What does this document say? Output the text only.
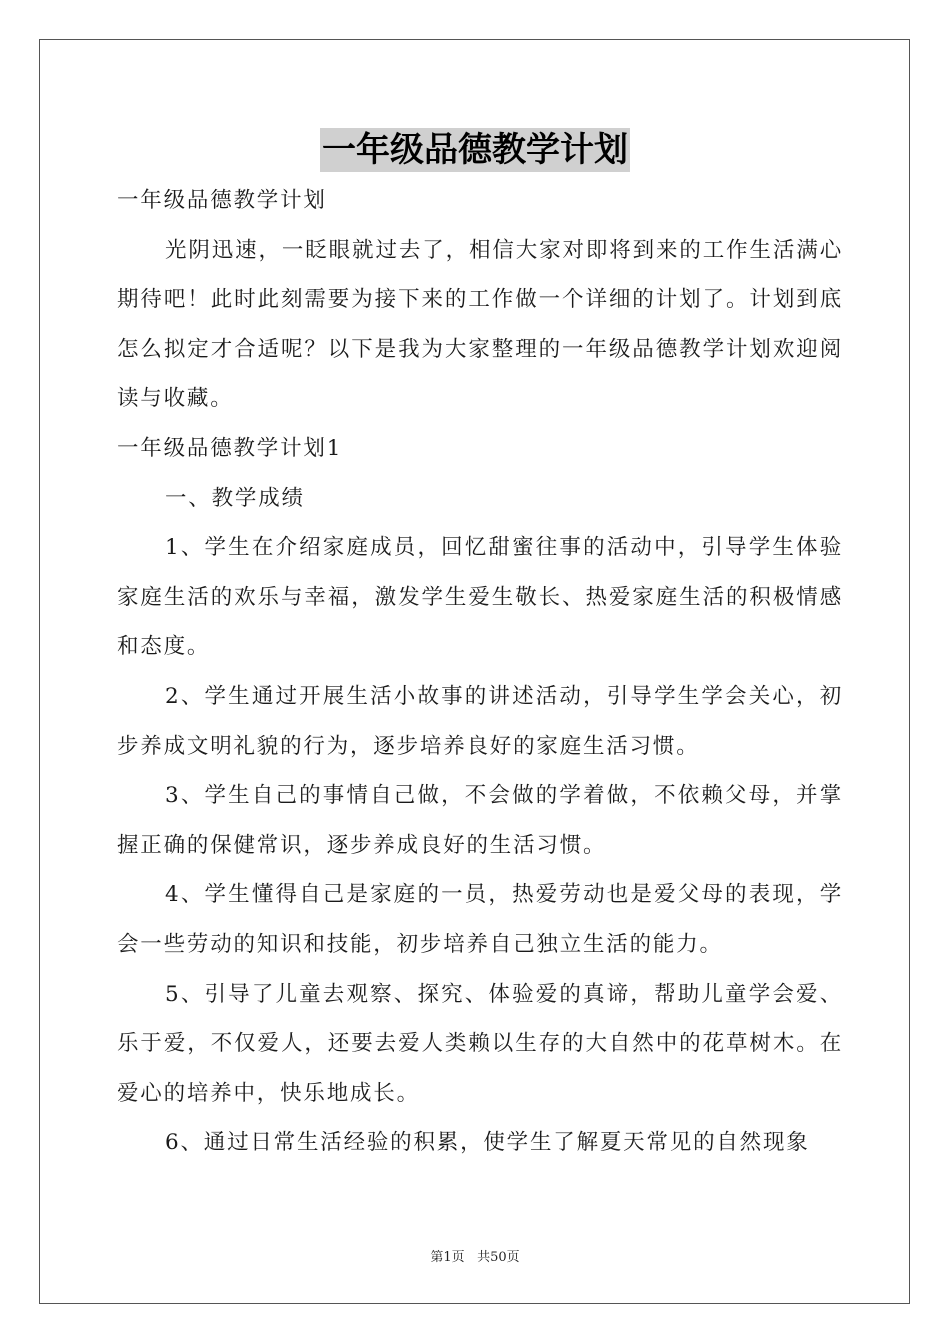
一年级品德教学计划

一年级品德教学计划

光阴迅速，一眨眼就过去了，相信大家对即将到来的工作生活满心期待吧！此时此刻需要为接下来的工作做一个详细的计划了。计划到底怎么拟定才合适呢？以下是我为大家整理的一年级品德教学计划欢迎阅读与收藏。

一年级品德教学计划1

一、教学成绩

1、学生在介绍家庭成员，回忆甜蜜往事的活动中，引导学生体验家庭生活的欢乐与幸福，激发学生爱生敬长、热爱家庭生活的积极情感和态度。

2、学生通过开展生活小故事的讲述活动，引导学生学会关心，初步养成文明礼貌的行为，逐步培养良好的家庭生活习惯。

3、学生自己的事情自己做，不会做的学着做，不依赖父母，并掌握正确的保健常识，逐步养成良好的生活习惯。

4、学生懂得自己是家庭的一员，热爱劳动也是爱父母的表现，学会一些劳动的知识和技能，初步培养自己独立生活的能力。

5、引导了儿童去观察、探究、体验爱的真谛，帮助儿童学会爱、乐于爱，不仅爱人，还要去爱人类赖以生存的大自然中的花草树木。在爱心的培养中，快乐地成长。

6、通过日常生活经验的积累，使学生了解夏天常见的自然现象

第1页 共50页
